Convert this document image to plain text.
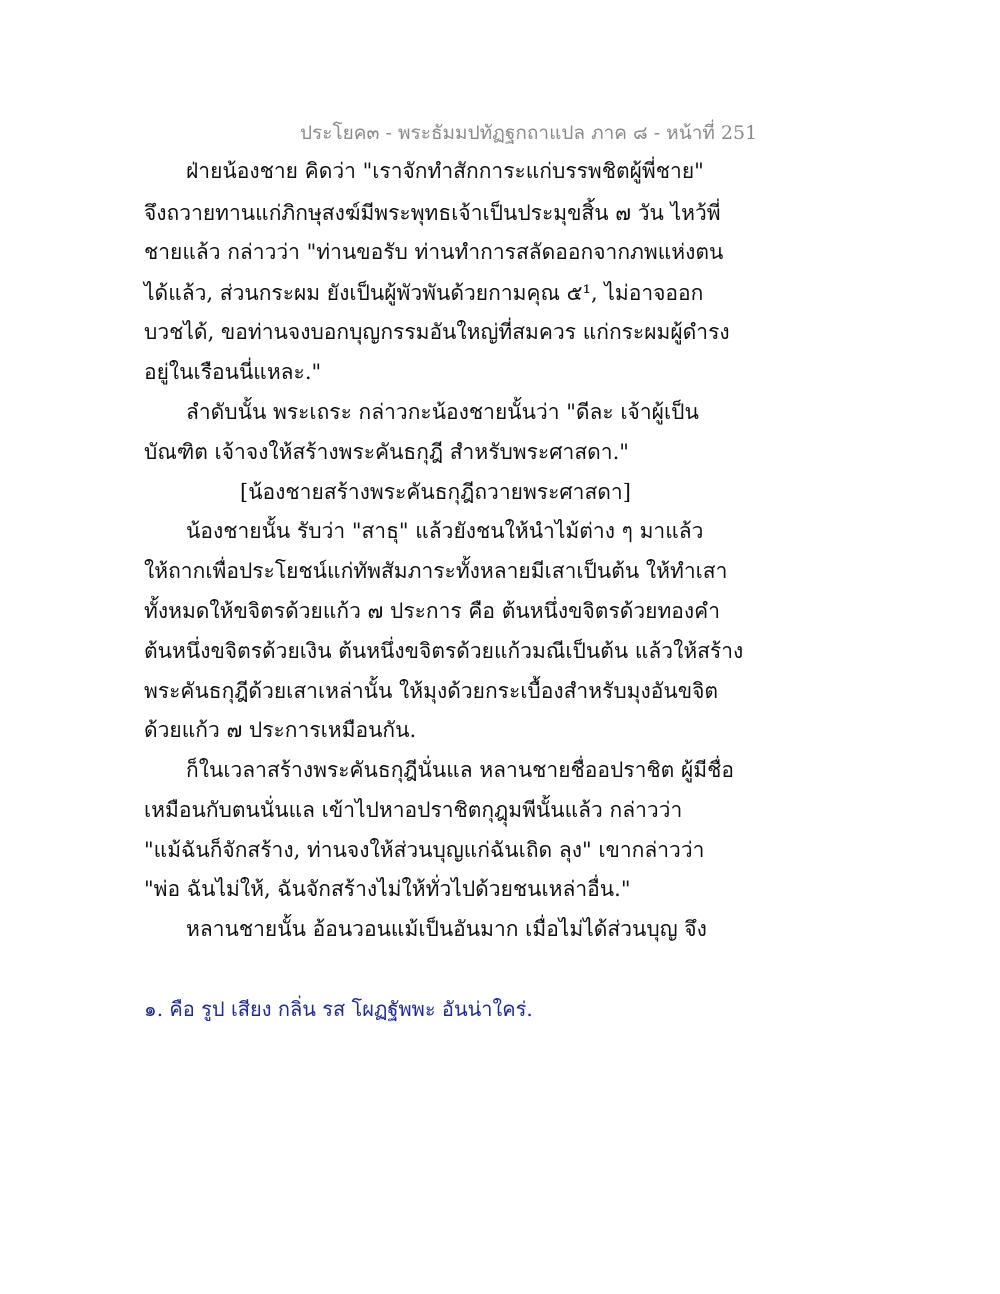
ประโยค๓ - พระธัมมปทัฏฐกถาแปล ภาค ๘ - หน้าที่ 251
ฝ่ายน้องชาย คิดว่า "เราจักทำสักการะแก่บรรพชิตผู้พี่ชาย"
จึงถวายทานแก่ภิกษุสงฆ์มีพระพุทธเจ้าเป็นประมุขสิ้น ๗ วัน ไหว้พี่
ชายแล้ว กล่าวว่า "ท่านขอรับ ท่านทำการสลัดออกจากภพแห่งตน
ได้แล้ว, ส่วนกระผม ยังเป็นผู้พัวพันด้วยกามคุณ ๕¹, ไม่อาจออก
บวชได้, ขอท่านจงบอกบุญกรรมอันใหญ่ที่สมควร แก่กระผมผู้ดำรง
อยู่ในเรือนนี่แหละ."
ลำดับนั้น พระเถระ กล่าวกะน้องชายนั้นว่า "ดีละ เจ้าผู้เป็น
บัณฑิต เจ้าจงให้สร้างพระคันธกุฎี สำหรับพระศาสดา."
[น้องชายสร้างพระคันธกุฎีถวายพระศาสดา]
น้องชายนั้น รับว่า "สาธุ" แล้วยังชนให้นำไม้ต่าง ๆ มาแล้ว
ให้ถากเพื่อประโยชน์แก่ทัพสัมภาระทั้งหลายมีเสาเป็นต้น ให้ทำเสา
ทั้งหมดให้ขจิตรด้วยแก้ว ๗ ประการ คือ ต้นหนึ่งขจิตรด้วยทองคำ
ต้นหนึ่งขจิตรด้วยเงิน ต้นหนึ่งขจิตรด้วยแก้วมณีเป็นต้น แล้วให้สร้าง
พระคันธกุฎีด้วยเสาเหล่านั้น ให้มุงด้วยกระเบื้องสำหรับมุงอันขจิต
ด้วยแก้ว ๗ ประการเหมือนกัน.
ก็ในเวลาสร้างพระคันธกุฎีนั่นแล หลานชายชื่ออปราชิต ผู้มีชื่อ
เหมือนกับตนนั่นแล เข้าไปหาอปราชิตกุฎุมพีนั้นแล้ว กล่าวว่า
"แม้ฉันก็จักสร้าง, ท่านจงให้ส่วนบุญแก่ฉันเถิด ลุง" เขากล่าวว่า
"พ่อ ฉันไม่ให้, ฉันจักสร้างไม่ให้ทั่วไปด้วยชนเหล่าอื่น."
หลานชายนั้น อ้อนวอนแม้เป็นอันมาก เมื่อไม่ได้ส่วนบุญ จึง
๑. คือ รูป เสียง กลิ่น รส โผฏฐัพพะ อันน่าใคร่.
